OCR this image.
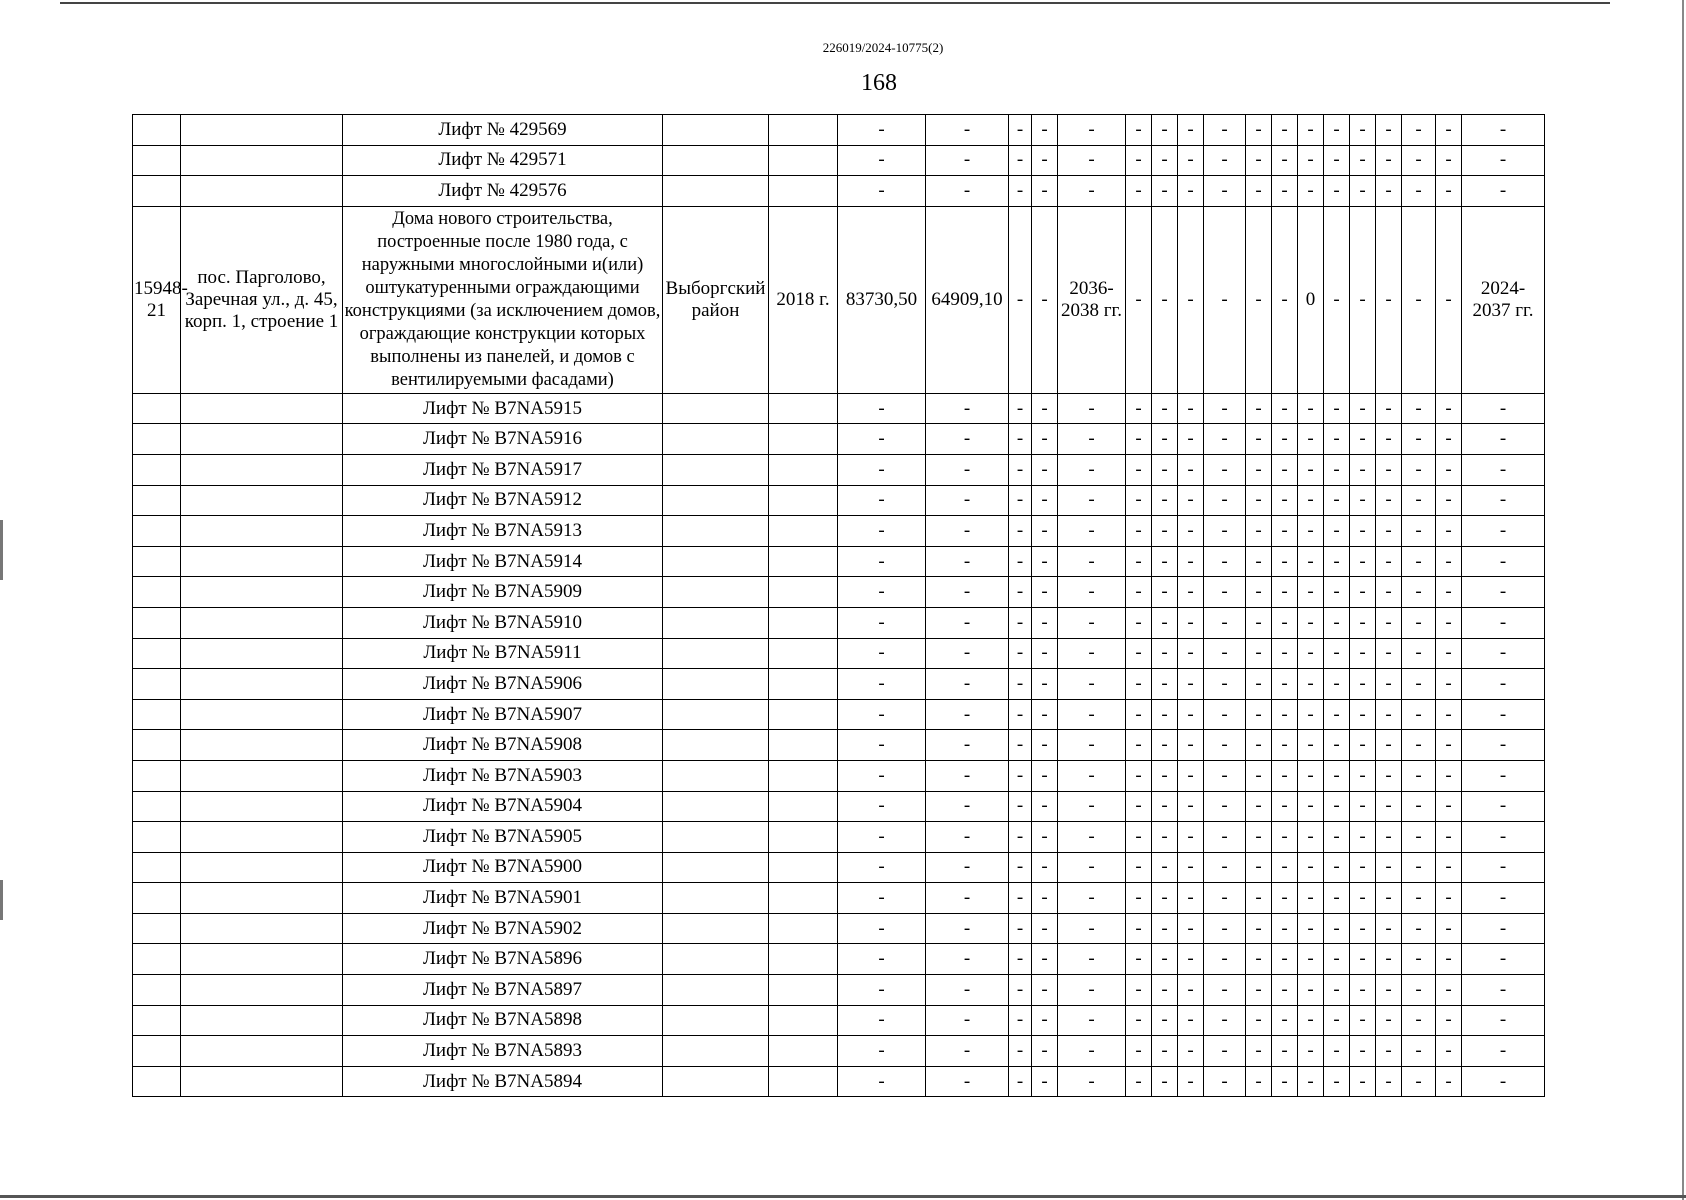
226019/2024-10775(2)
168
		Лифт № 429569			-	-	-	-	-	-	-	-	-	-	-	-	-	-	-	-	-	-
		Лифт № 429571			-	-	-	-	-	-	-	-	-	-	-	-	-	-	-	-	-	-
		Лифт № 429576			-	-	-	-	-	-	-	-	-	-	-	-	-	-	-	-	-	-
15948-21	пос. Парголово, Заречная ул., д. 45, корп. 1, строение 1	Дома нового строительства, построенные после 1980 года, с наружными многослойными и(или) оштукатуренными ограждающими конструкциями (за исключением домов, ограждающие конструкции которых выполнены из панелей, и домов с вентилируемыми фасадами)	Выборгский район	2018 г.	83730,50	64909,10	-	-	2036-2038 гг.	-	-	-	-	-	-	0	-	-	-	-	-	2024-2037 гг.
		Лифт № B7NA5915			-	-	-	-	-	-	-	-	-	-	-	-	-	-	-	-	-	-
		Лифт № B7NA5916			-	-	-	-	-	-	-	-	-	-	-	-	-	-	-	-	-	-
		Лифт № B7NA5917			-	-	-	-	-	-	-	-	-	-	-	-	-	-	-	-	-	-
		Лифт № B7NA5912			-	-	-	-	-	-	-	-	-	-	-	-	-	-	-	-	-	-
		Лифт № B7NA5913			-	-	-	-	-	-	-	-	-	-	-	-	-	-	-	-	-	-
		Лифт № B7NA5914			-	-	-	-	-	-	-	-	-	-	-	-	-	-	-	-	-	-
		Лифт № B7NA5909			-	-	-	-	-	-	-	-	-	-	-	-	-	-	-	-	-	-
		Лифт № B7NA5910			-	-	-	-	-	-	-	-	-	-	-	-	-	-	-	-	-	-
		Лифт № B7NA5911			-	-	-	-	-	-	-	-	-	-	-	-	-	-	-	-	-	-
		Лифт № B7NA5906			-	-	-	-	-	-	-	-	-	-	-	-	-	-	-	-	-	-
		Лифт № B7NA5907			-	-	-	-	-	-	-	-	-	-	-	-	-	-	-	-	-	-
		Лифт № B7NA5908			-	-	-	-	-	-	-	-	-	-	-	-	-	-	-	-	-	-
		Лифт № B7NA5903			-	-	-	-	-	-	-	-	-	-	-	-	-	-	-	-	-	-
		Лифт № B7NA5904			-	-	-	-	-	-	-	-	-	-	-	-	-	-	-	-	-	-
		Лифт № B7NA5905			-	-	-	-	-	-	-	-	-	-	-	-	-	-	-	-	-	-
		Лифт № B7NA5900			-	-	-	-	-	-	-	-	-	-	-	-	-	-	-	-	-	-
		Лифт № B7NA5901			-	-	-	-	-	-	-	-	-	-	-	-	-	-	-	-	-	-
		Лифт № B7NA5902			-	-	-	-	-	-	-	-	-	-	-	-	-	-	-	-	-	-
		Лифт № B7NA5896			-	-	-	-	-	-	-	-	-	-	-	-	-	-	-	-	-	-
		Лифт № B7NA5897			-	-	-	-	-	-	-	-	-	-	-	-	-	-	-	-	-	-
		Лифт № B7NA5898			-	-	-	-	-	-	-	-	-	-	-	-	-	-	-	-	-	-
		Лифт № B7NA5893			-	-	-	-	-	-	-	-	-	-	-	-	-	-	-	-	-	-
		Лифт № B7NA5894			-	-	-	-	-	-	-	-	-	-	-	-	-	-	-	-	-	-
